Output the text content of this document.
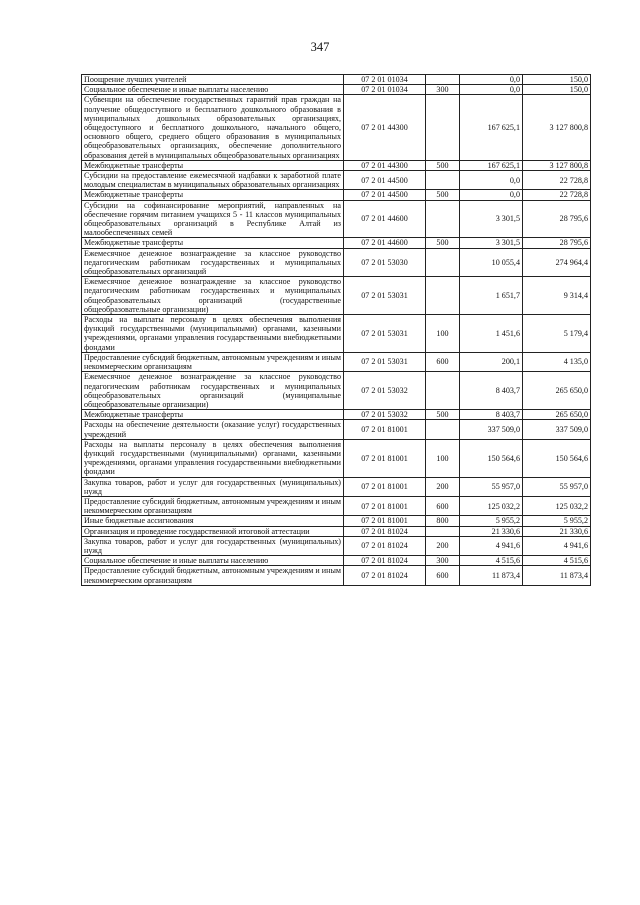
347
Поощрение лучших учителей	07 2 01 01034		0,0	150,0
Социальное обеспечение и иные выплаты населению	07 2 01 01034	300	0,0	150,0
Субвенции на обеспечение государственных гарантий прав граждан на получение общедоступного и бесплатного дошкольного образования в муниципальных дошкольных образовательных организациях, общедоступного и бесплатного дошкольного, начального общего, основного общего, среднего общего образования в муниципальных общеобразовательных организациях, обеспечение дополнительного образования детей в муниципальных общеобразовательных организациях	07 2 01 44300		167 625,1	3 127 800,8
Межбюджетные трансферты	07 2 01 44300	500	167 625,1	3 127 800,8
Субсидии на предоставление ежемесячной надбавки к заработной плате молодым специалистам в муниципальных образовательных организациях	07 2 01 44500		0,0	22 728,8
Межбюджетные трансферты	07 2 01 44500	500	0,0	22 728,8
Субсидии на софинансирование мероприятий, направленных на обеспечение горячим питанием учащихся 5 - 11 классов муниципальных общеобразовательных организаций в Республике Алтай из малообеспеченных семей	07 2 01 44600		3 301,5	28 795,6
Межбюджетные трансферты	07 2 01 44600	500	3 301,5	28 795,6
Ежемесячное денежное вознаграждение за классное руководство педагогическим работникам государственных и муниципальных общеобразовательных организаций	07 2 01 53030		10 055,4	274 964,4
Ежемесячное денежное вознаграждение за классное руководство педагогическим работникам государственных и муниципальных общеобразовательных организаций (государственные общеобразовательные организации)	07 2 01 53031		1 651,7	9 314,4
Расходы на выплаты персоналу в целях обеспечения выполнения функций государственными (муниципальными) органами, казенными учреждениями, органами управления государственными внебюджетными фондами	07 2 01 53031	100	1 451,6	5 179,4
Предоставление субсидий бюджетным, автономным учреждениям и иным некоммерческим организациям	07 2 01 53031	600	200,1	4 135,0
Ежемесячное денежное вознаграждение за классное руководство педагогическим работникам государственных и муниципальных общеобразовательных организаций (муниципальные общеобразовательные организации)	07 2 01 53032		8 403,7	265 650,0
Межбюджетные трансферты	07 2 01 53032	500	8 403,7	265 650,0
Расходы на обеспечение деятельности (оказание услуг) государственных учреждений	07 2 01 81001		337 509,0	337 509,0
Расходы на выплаты персоналу в целях обеспечения выполнения функций государственными (муниципальными) органами, казенными учреждениями, органами управления государственными внебюджетными фондами	07 2 01 81001	100	150 564,6	150 564,6
Закупка товаров, работ и услуг для государственных (муниципальных) нужд	07 2 01 81001	200	55 957,0	55 957,0
Предоставление субсидий бюджетным, автономным учреждениям и иным некоммерческим организациям	07 2 01 81001	600	125 032,2	125 032,2
Иные бюджетные ассигнования	07 2 01 81001	800	5 955,2	5 955,2
Организация и проведение государственной итоговой аттестации	07 2 01 81024		21 330,6	21 330,6
Закупка товаров, работ и услуг для государственных (муниципальных) нужд	07 2 01 81024	200	4 941,6	4 941,6
Социальное обеспечение и иные выплаты населению	07 2 01 81024	300	4 515,6	4 515,6
Предоставление субсидий бюджетным, автономным учреждениям и иным некоммерческим организациям	07 2 01 81024	600	11 873,4	11 873,4
